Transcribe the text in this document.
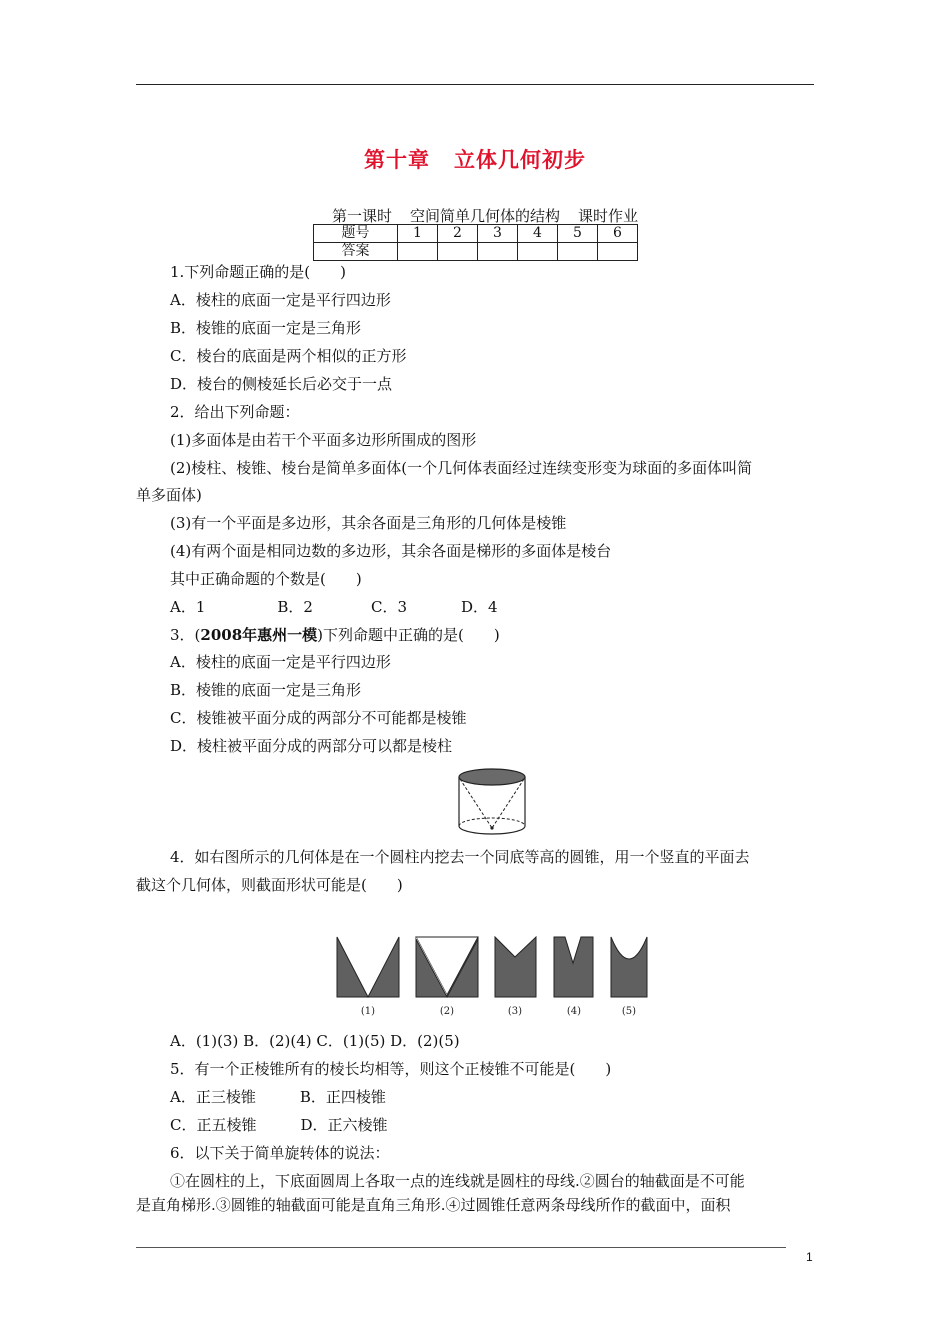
第十章 立体几何初步
第一课时 空间简单几何体的结构 课时作业
题号	1	2	3	4	5	6
答案						
1.下列命题正确的是(　　)
A．棱柱的底面一定是平行四边形
B．棱锥的底面一定是三角形
C．棱台的底面是两个相似的正方形
D．棱台的侧棱延长后必交于一点
2．给出下列命题：
(1)多面体是由若干个平面多边形所围成的图形
(2)棱柱、棱锥、棱台是简单多面体(一个几何体表面经过连续变形变为球面的多面体叫简
单多面体)
(3)有一个平面是多边形，其余各面是三角形的几何体是棱锥
(4)有两个面是相同边数的多边形，其余各面是梯形的多面体是棱台
其中正确命题的个数是(　　)
A．1	B．2	C．3	D．4
3．(2008年惠州一模)下列命题中正确的是(　　)
A．棱柱的底面一定是平行四边形
B．棱锥的底面一定是三角形
C．棱锥被平面分成的两部分不可能都是棱锥
D．棱柱被平面分成的两部分可以都是棱柱
4．如右图所示的几何体是在一个圆柱内挖去一个同底等高的圆锥，用一个竖直的平面去
截这个几何体，则截面形状可能是(　　)
(1)	(2)	(3)	(4)	(5)
A．(1)(3) B．(2)(4) C．(1)(5) D．(2)(5)
5．有一个正棱锥所有的棱长均相等，则这个正棱锥不可能是(　　)
A．正三棱锥	B．正四棱锥
C．正五棱锥	D．正六棱锥
6．以下关于简单旋转体的说法：
①在圆柱的上，下底面圆周上各取一点的连线就是圆柱的母线.②圆台的轴截面是不可能
是直角梯形.③圆锥的轴截面可能是直角三角形.④过圆锥任意两条母线所作的截面中，面积
1
